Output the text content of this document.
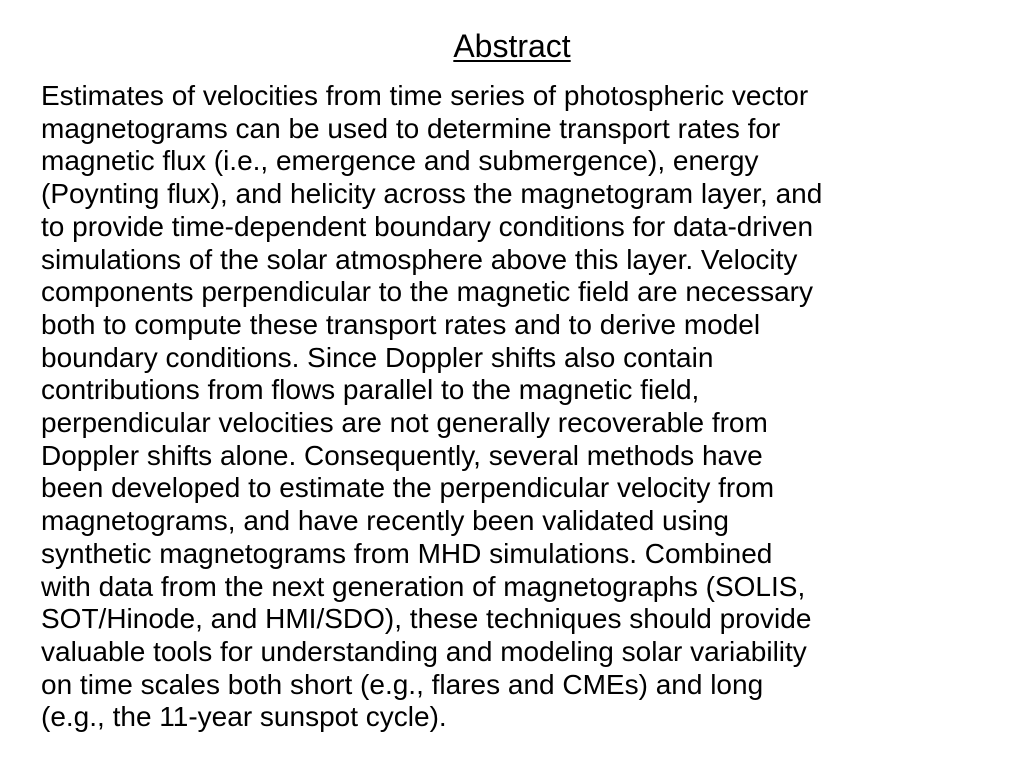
Abstract
Estimates of velocities from time series of photospheric vector
magnetograms can be used to determine transport rates for
magnetic flux (i.e., emergence and submergence), energy
(Poynting flux), and helicity across the magnetogram layer, and
to provide time-dependent boundary conditions for data-driven
simulations of the solar atmosphere above this layer. Velocity
components perpendicular to the magnetic field are necessary
both to compute these transport rates and to derive model
boundary conditions. Since Doppler shifts also contain
contributions from flows parallel to the magnetic field,
perpendicular velocities are not generally recoverable from
Doppler shifts alone. Consequently, several methods have
been developed to estimate the perpendicular velocity from
magnetograms, and have recently been validated using
synthetic magnetograms from MHD simulations. Combined
with data from the next generation of magnetographs (SOLIS,
SOT/Hinode, and HMI/SDO), these techniques should provide
valuable tools for understanding and modeling solar variability
on time scales both short (e.g., flares and CMEs) and long
(e.g., the 11-year sunspot cycle).
